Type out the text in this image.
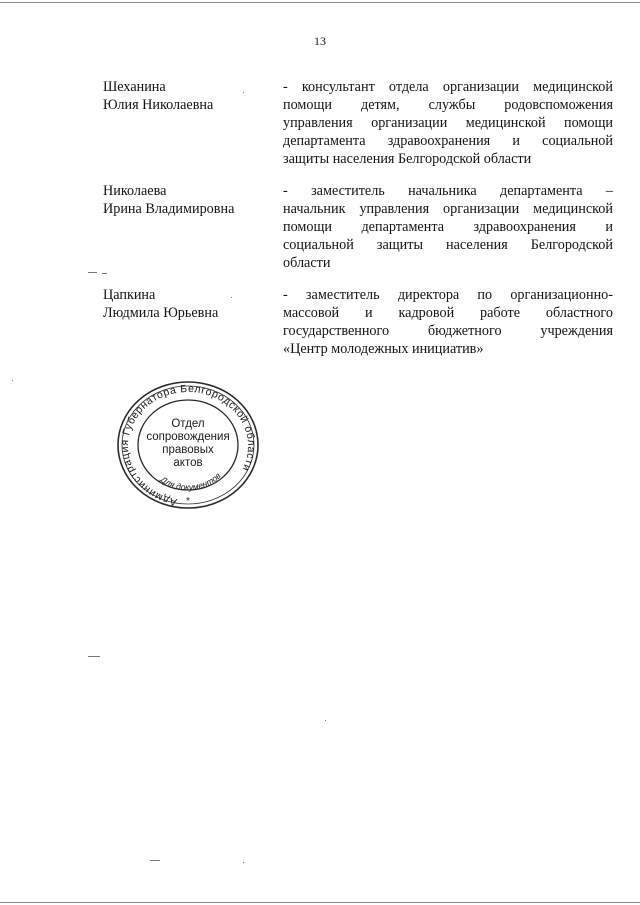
13
Шеханина
Юлия Николаевна
- консультант отдела организации медицинской
помощи детям, службы родовспоможения
управления организации медицинской помощи
департамента здравоохранения и социальной
защиты населения Белгородской области
Николаева
Ирина Владимировна
- заместитель начальника департамента –
начальник управления организации медицинской
помощи департамента здравоохранения и
социальной защиты населения Белгородской
области
Цапкина
Людмила Юрьевна
- заместитель директора по организационно-
массовой и кадровой работе областного
государственного бюджетного учреждения
«Центр молодежных инициатив»
Администрация Губернатора Белгородской области
Для документов
*
Отдел
сопровождения
правовых
актов
